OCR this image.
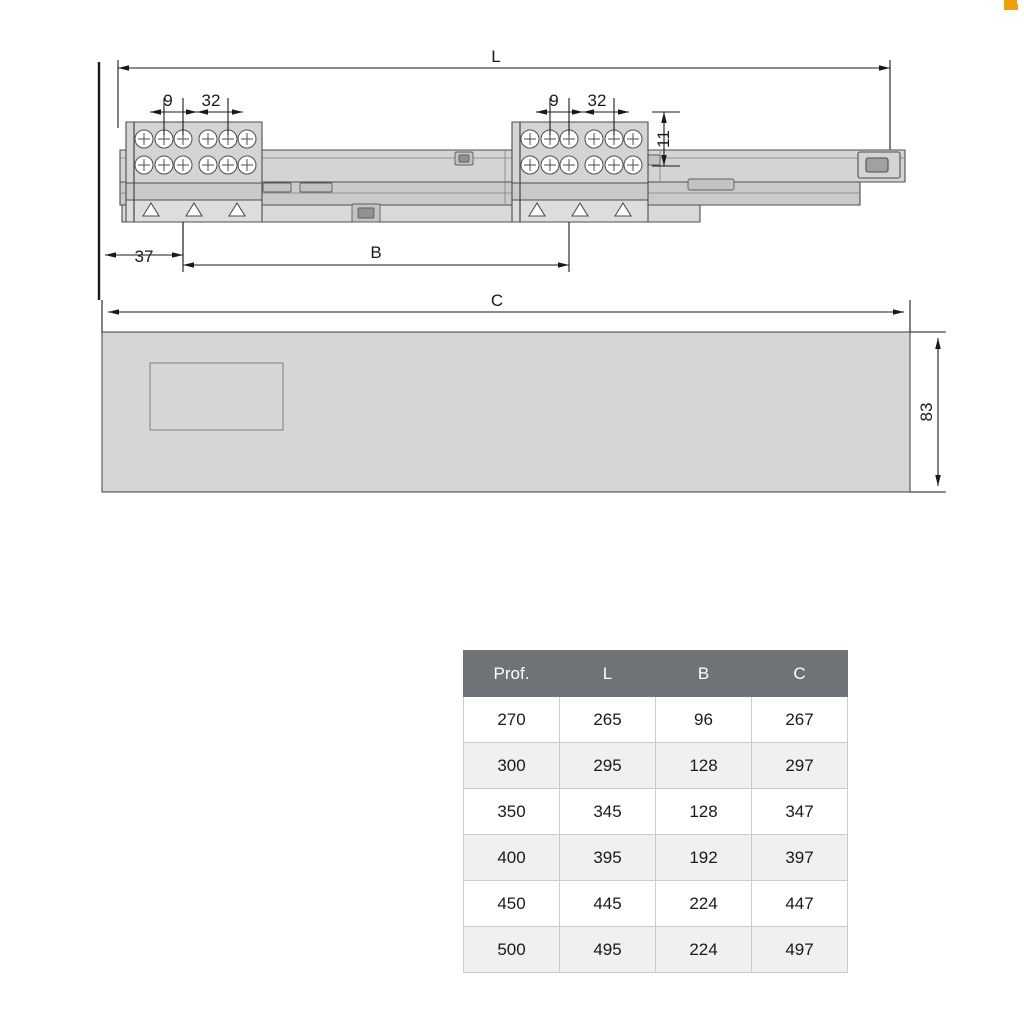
L
9 32	9 32
37	B
C
11
83
Prof.	L	B	C
270	265	96	267
300	295	128	297
350	345	128	347
400	395	192	397
450	445	224	447
500	495	224	497
